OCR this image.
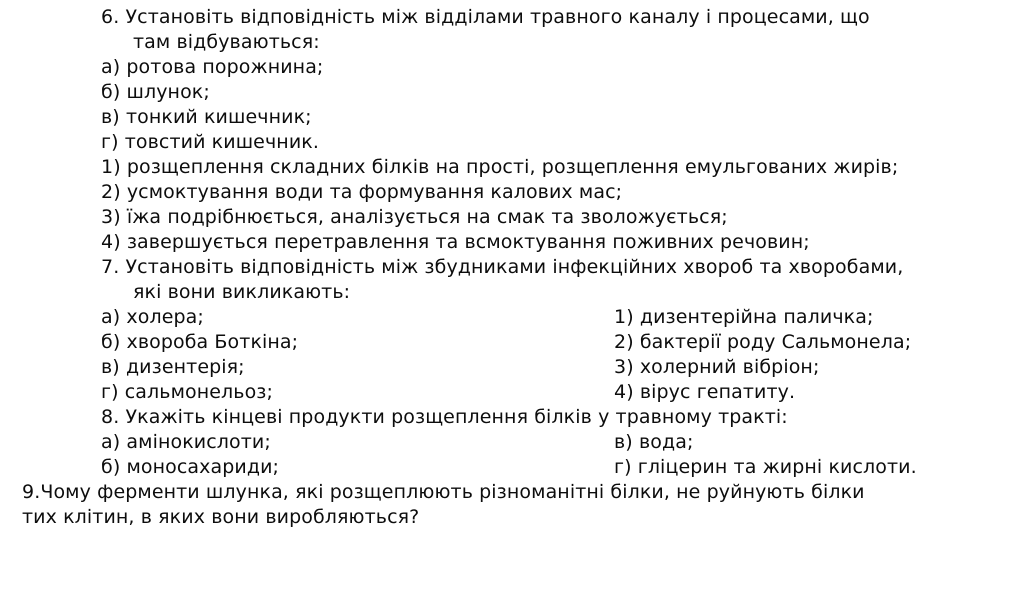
6. Установіть відповідність між відділами травного каналу і процесами, що
там відбуваються:
а) ротова порожнина;
б) шлунок;
в) тонкий кишечник;
г) товстий кишечник.
1) розщеплення складних білків на прості, розщеплення емульгованих жирів;
2) усмоктування води та формування калових мас;
3) їжа подрібнюється, аналізується на смак та зволожується;
4) завершується перетравлення та всмоктування поживних речовин;
7. Установіть відповідність між збудниками інфекційних хвороб та хворобами,
які вони викликають:
а) холера;
б) хвороба Боткіна;
в) дизентерія;
г) сальмонельоз;
1) дизентерійна паличка;
2) бактерії роду Сальмонела;
3) холерний вібріон;
4) вірус гепатиту.
8. Укажіть кінцеві продукти розщеплення білків у травному тракті:
а) амінокислоти;
б) моносахариди;
в) вода;
г) гліцерин та жирні кислоти.
9.Чому ферменти шлунка, які розщеплюють різноманітні білки, не руйнують білки
тих клітин, в яких вони виробляються?
